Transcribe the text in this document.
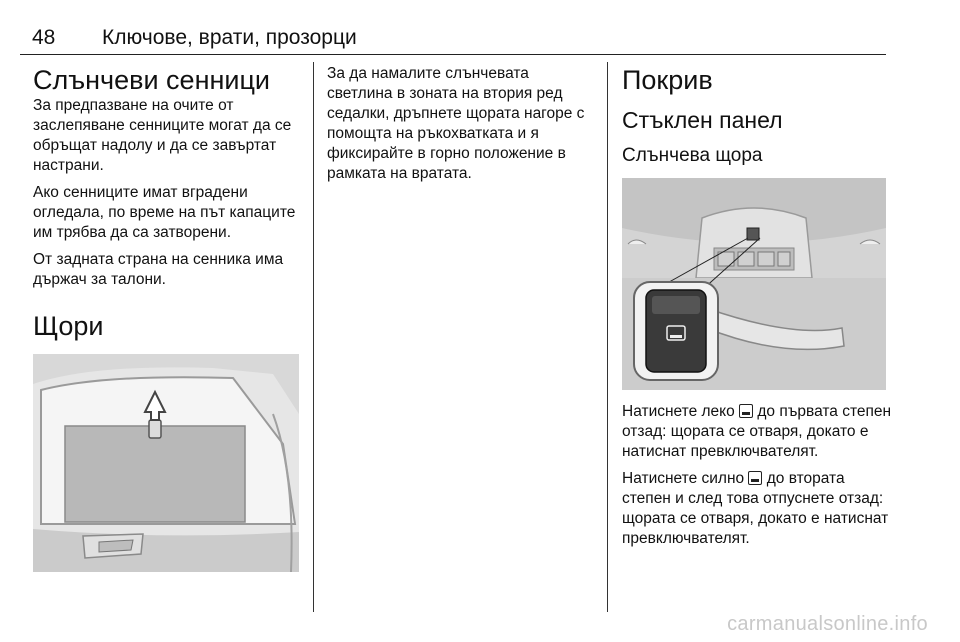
48 Ключове, врати, прозорци
Слънчеви сенници

За предпазване на очите от заслепяване сенниците могат да се обръщат надолу и да се завъртат настрани.

Ако сенниците имат вградени огледала, по време на път капаците им трябва да са затворени.

От задната страна на сенника има държач за талони.

Щори

За да намалите слънчевата светлина в зоната на втория ред седалки, дръпнете щората нагоре с помощта на ръкохватката и я фиксирайте в горно положение в рамката на вратата.

Покрив
Стъклен панел
Слънчева щора

Натиснете леко  до първата степен отзад: щората се отваря, докато е натиснат превключвателят.

Натиснете силно  до втората степен и след това отпуснете отзад: щората се отваря, докато е натиснат превключвателят.

carmanualsonline.info
